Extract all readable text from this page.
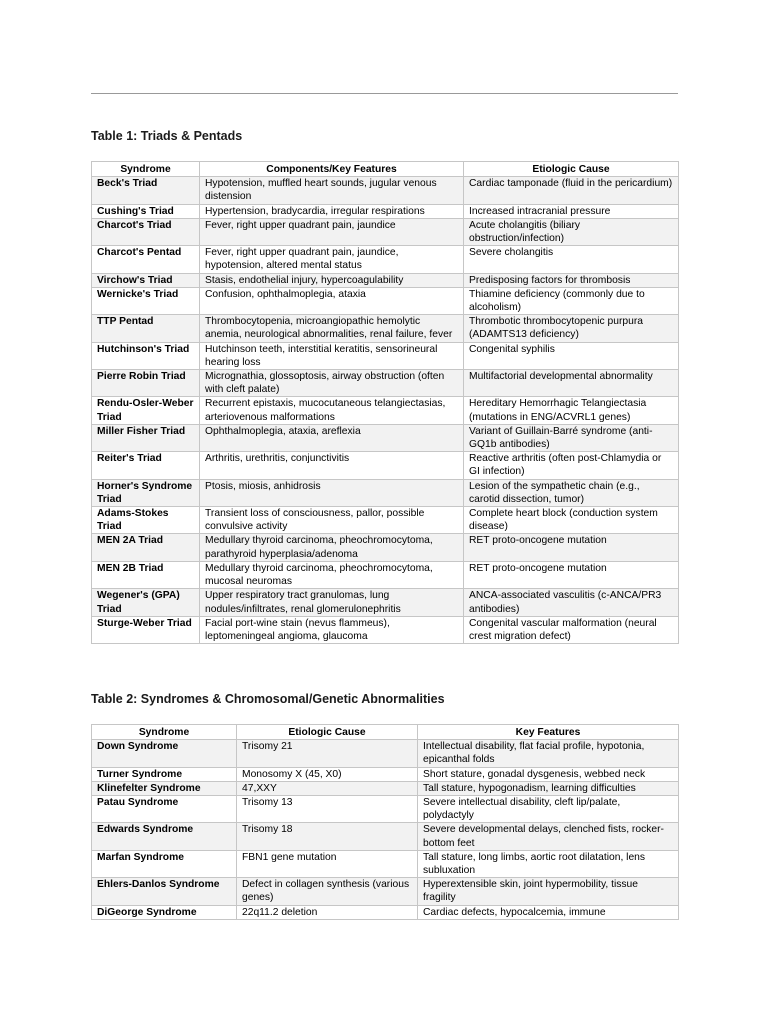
Table 1: Triads & Pentads
Syndrome	Components/Key Features	Etiologic Cause
Beck's Triad	Hypotension, muffled heart sounds, jugular venous distension	Cardiac tamponade (fluid in the pericardium)
Cushing's Triad	Hypertension, bradycardia, irregular respirations	Increased intracranial pressure
Charcot's Triad	Fever, right upper quadrant pain, jaundice	Acute cholangitis (biliary obstruction/infection)
Charcot's Pentad	Fever, right upper quadrant pain, jaundice, hypotension, altered mental status	Severe cholangitis
Virchow's Triad	Stasis, endothelial injury, hypercoagulability	Predisposing factors for thrombosis
Wernicke's Triad	Confusion, ophthalmoplegia, ataxia	Thiamine deficiency (commonly due to alcoholism)
TTP Pentad	Thrombocytopenia, microangiopathic hemolytic anemia, neurological abnormalities, renal failure, fever	Thrombotic thrombocytopenic purpura (ADAMTS13 deficiency)
Hutchinson's Triad	Hutchinson teeth, interstitial keratitis, sensorineural hearing loss	Congenital syphilis
Pierre Robin Triad	Micrognathia, glossoptosis, airway obstruction (often with cleft palate)	Multifactorial developmental abnormality
Rendu-Osler-Weber Triad	Recurrent epistaxis, mucocutaneous telangiectasias, arteriovenous malformations	Hereditary Hemorrhagic Telangiectasia (mutations in ENG/ACVRL1 genes)
Miller Fisher Triad	Ophthalmoplegia, ataxia, areflexia	Variant of Guillain-Barré syndrome (anti-GQ1b antibodies)
Reiter's Triad	Arthritis, urethritis, conjunctivitis	Reactive arthritis (often post-Chlamydia or GI infection)
Horner's Syndrome Triad	Ptosis, miosis, anhidrosis	Lesion of the sympathetic chain (e.g., carotid dissection, tumor)
Adams-Stokes Triad	Transient loss of consciousness, pallor, possible convulsive activity	Complete heart block (conduction system disease)
MEN 2A Triad	Medullary thyroid carcinoma, pheochromocytoma, parathyroid hyperplasia/adenoma	RET proto-oncogene mutation
MEN 2B Triad	Medullary thyroid carcinoma, pheochromocytoma, mucosal neuromas	RET proto-oncogene mutation
Wegener's (GPA) Triad	Upper respiratory tract granulomas, lung nodules/infiltrates, renal glomerulonephritis	ANCA-associated vasculitis (c-ANCA/PR3 antibodies)
Sturge-Weber Triad	Facial port-wine stain (nevus flammeus), leptomeningeal angioma, glaucoma	Congenital vascular malformation (neural crest migration defect)
Table 2: Syndromes & Chromosomal/Genetic Abnormalities
Syndrome	Etiologic Cause	Key Features
Down Syndrome	Trisomy 21	Intellectual disability, flat facial profile, hypotonia, epicanthal folds
Turner Syndrome	Monosomy X (45, X0)	Short stature, gonadal dysgenesis, webbed neck
Klinefelter Syndrome	47,XXY	Tall stature, hypogonadism, learning difficulties
Patau Syndrome	Trisomy 13	Severe intellectual disability, cleft lip/palate, polydactyly
Edwards Syndrome	Trisomy 18	Severe developmental delays, clenched fists, rocker-bottom feet
Marfan Syndrome	FBN1 gene mutation	Tall stature, long limbs, aortic root dilatation, lens subluxation
Ehlers-Danlos Syndrome	Defect in collagen synthesis (various genes)	Hyperextensible skin, joint hypermobility, tissue fragility
DiGeorge Syndrome	22q11.2 deletion	Cardiac defects, hypocalcemia, immune
